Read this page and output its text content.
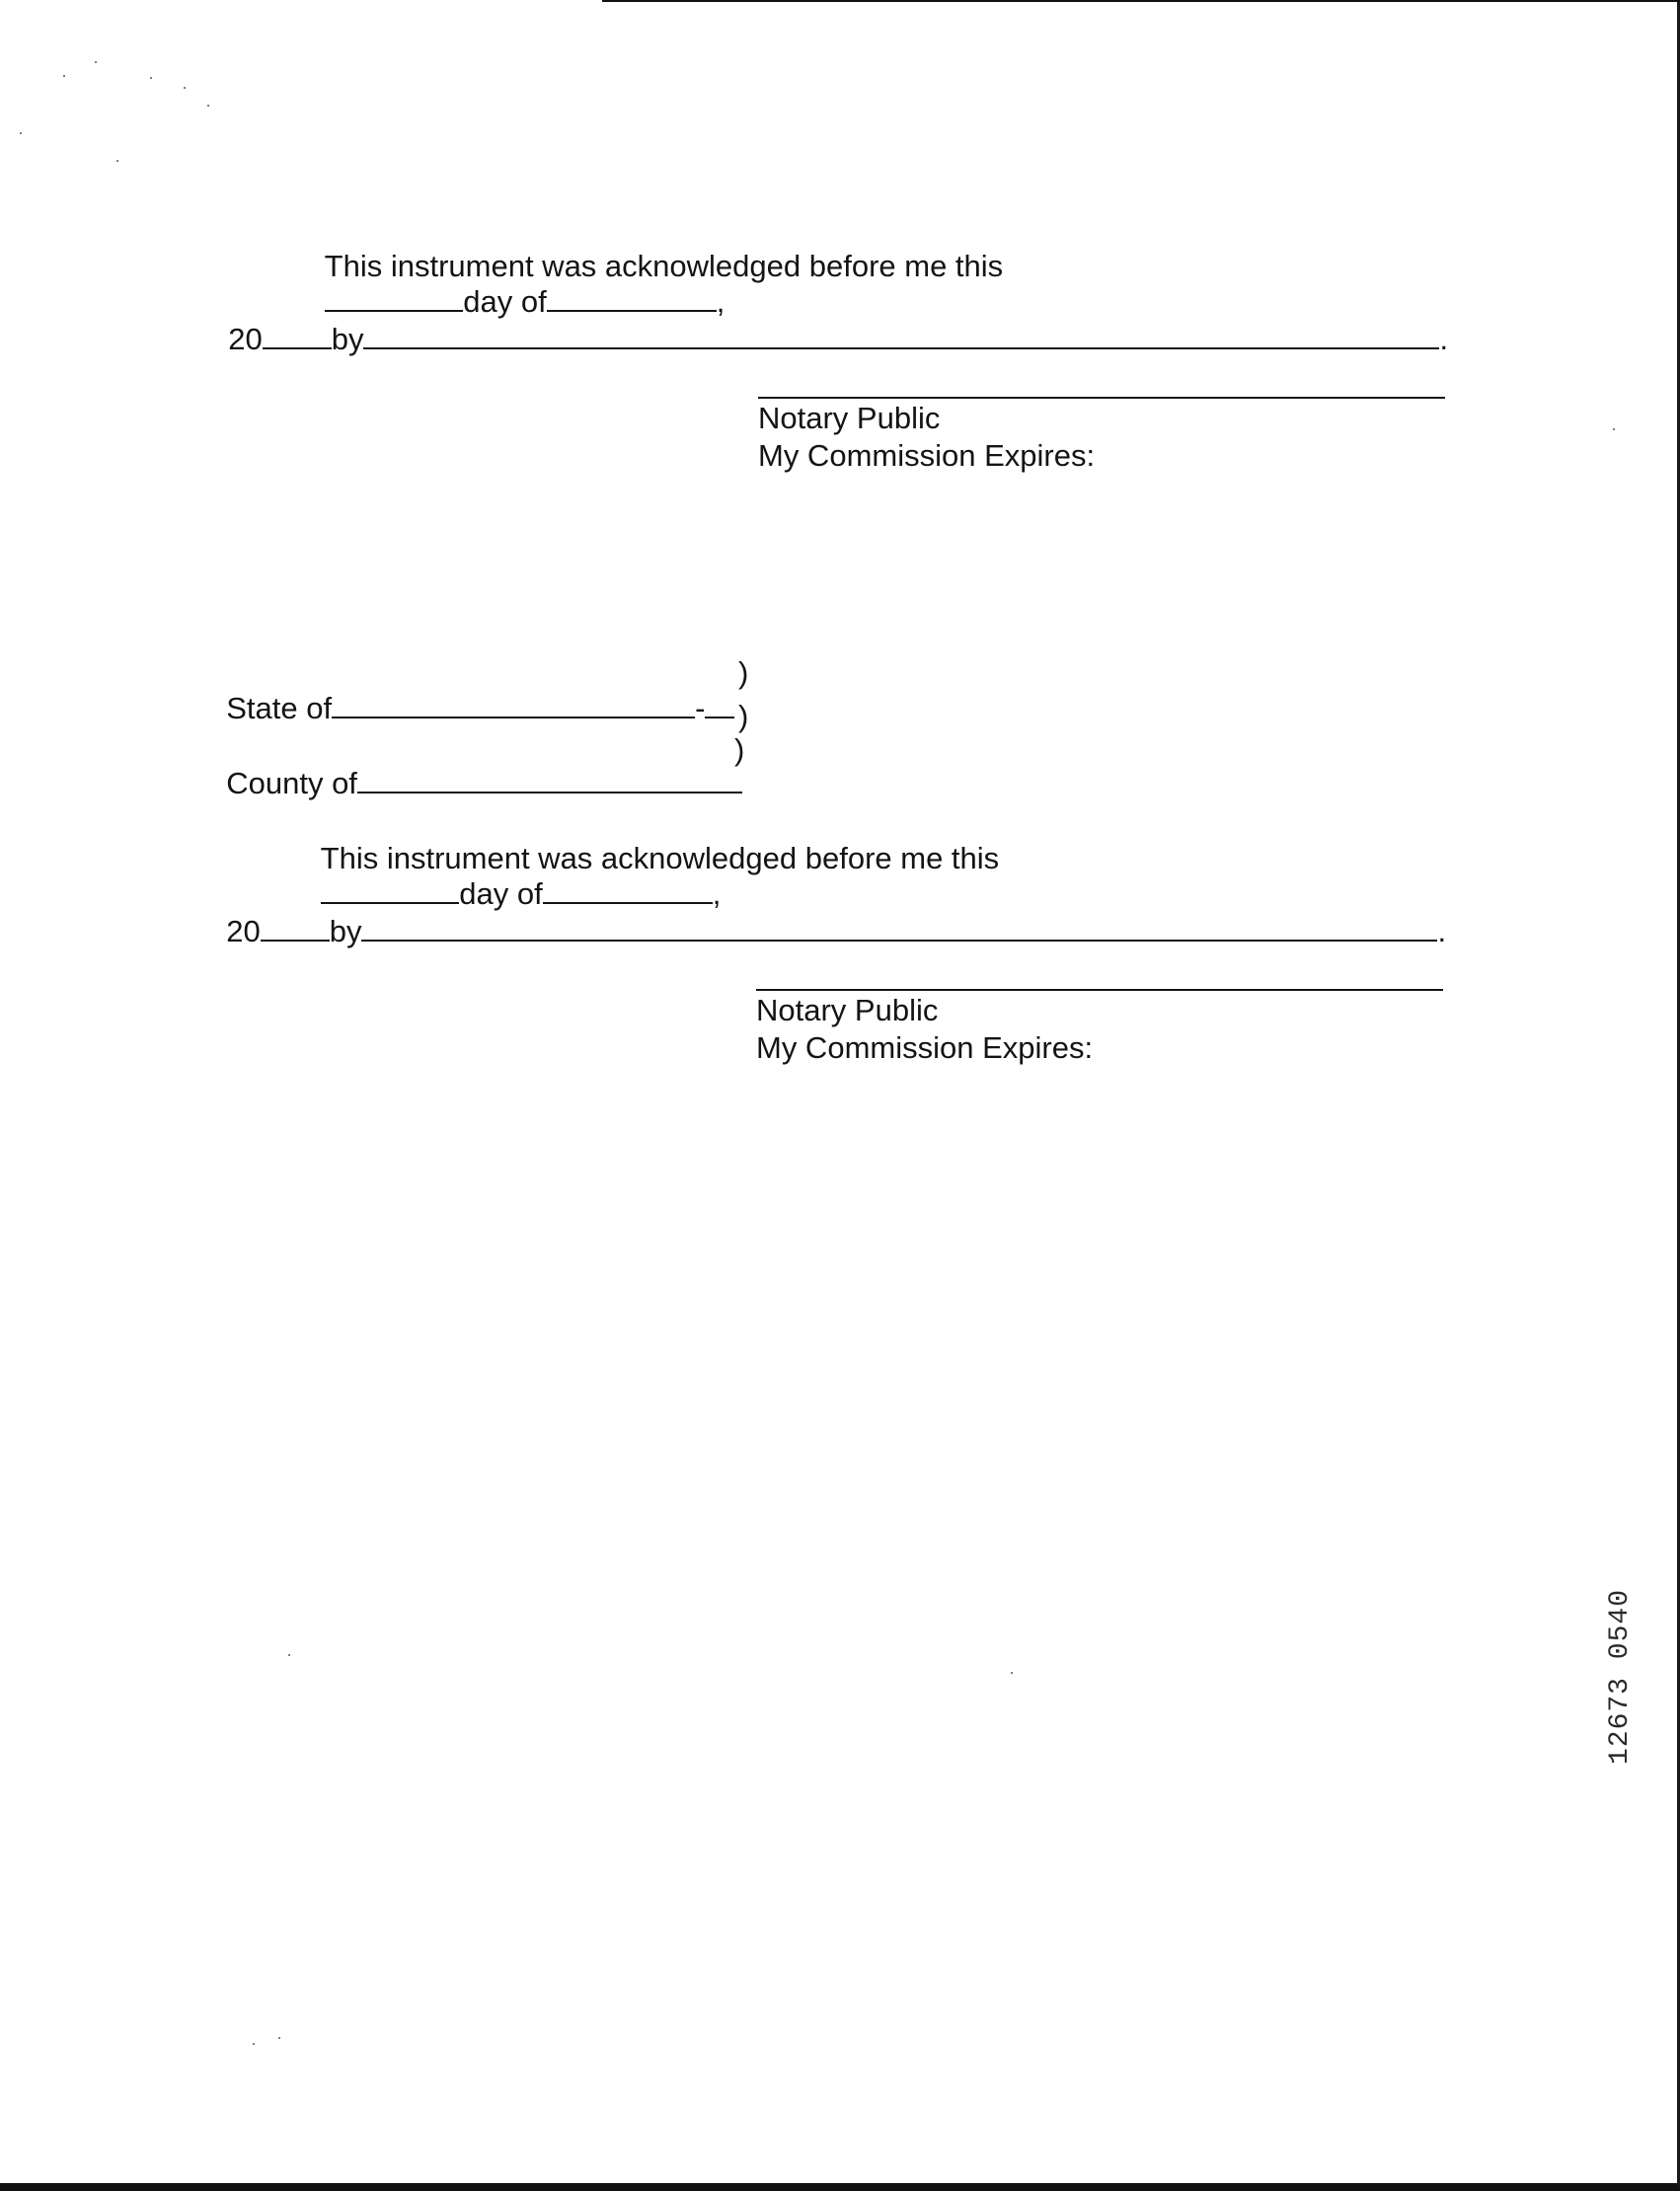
This instrument was acknowledged before me this
day of	,

20 by	.

Notary Public
My Commission Expires:

State of	-

)
)

County of

)

This instrument was acknowledged before me this
day of	,

20 by	.

Notary Public
My Commission Expires:
12673 0540
